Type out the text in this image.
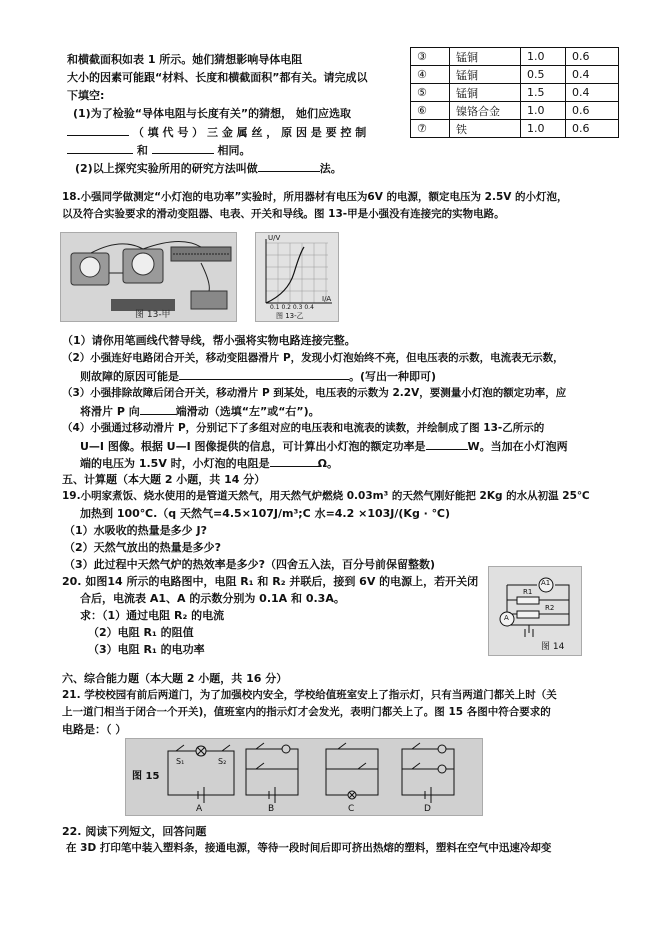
和横截面积如表 1 所示。她们猜想影响导体电阻
大小的因素可能跟“材料、长度和横截面积”都有关。请完成以
下填空:
(1)为了检验“导体电阻与长度有关”的猜想， 她们应选取
（ 填 代 号 ） 三 金 属 丝 ， 原 因 是 要 控 制
和	相同。
(2)以上探究实验所用的研究方法叫做	法。
③	锰铜	1.0	0.6
④	锰铜	0.5	0.4
⑤	锰铜	1.5	0.4
⑥	镍铬合金	1.0	0.6
⑦	铁	1.0	0.6
18.小强同学做测定“小灯泡的电功率”实验时，所用器材有电压为6V 的电源，额定电压为 2.5V 的小灯泡，
以及符合实验要求的滑动变阻器、电表、开关和导线。图 13-甲是小强没有连接完的实物电路。
图 13-甲
U/V
I/A
0.1 0.2 0.3 0.4
图 13-乙
（1）请你用笔画线代替导线，帮小强将实物电路连接完整。
（2）小强连好电路闭合开关，移动变阻器滑片 P，发现小灯泡始终不亮，但电压表的示数，电流表无示数，
则故障的原因可能是	。(写出一种即可)
（3）小强排除故障后闭合开关，移动滑片 P 到某处，电压表的示数为 2.2V，要测量小灯泡的额定功率，应
将滑片 P 向	端滑动（选填“左”或“右”)。
（4）小强通过移动滑片 P，分别记下了多组对应的电压表和电流表的读数，并绘制成了图 13-乙所示的
U—I 图像。根据 U—I 图像提供的信息，可计算出小灯泡的额定功率是	W。当加在小灯泡两
端的电压为 1.5V 时，小灯泡的电阻是	Ω。
五、计算题（本大题 2 小题，共 14 分）
19.小明家煮饭、烧水使用的是管道天然气，用天然气炉燃烧 0.03m³ 的天然气刚好能把 2Kg 的水从初温 25℃
加热到 100℃.（q 天然气=4.5×107J/m³;C 水=4.2 ×103J/(Kg · ℃)
（1）水吸收的热量是多少 J?
（2）天然气放出的热量是多少?
（3）此过程中天然气炉的热效率是多少?（四舍五入法，百分号前保留整数)
20. 如图14 所示的电路图中，电阻 R₁ 和 R₂ 并联后，接到 6V 的电源上，若开关闭
合后，电流表 A1、A 的示数分别为 0.1A 和 0.3A。
求：（1）通过电阻 R₂ 的电流
（2）电阻 R₁ 的阻值
（3）电阻 R₁ 的电功率
A1
A
R1
R2
图 14
六、综合能力题（本大题 2 小题，共 16 分）
21. 学校校园有前后两道门，为了加强校内安全，学校给值班室安上了指示灯，只有当两道门都关上时（关
上一道门相当于闭合一个开关)，值班室内的指示灯才会发光，表明门都关上了。图 15 各图中符合要求的
电路是：（ ）
图 15
S₁	S₂
A	B	C	D
22. 阅读下列短文，回答问题
在 3D 打印笔中装入塑料条，接通电源，等待一段时间后即可挤出热熔的塑料，塑料在空气中迅速冷却变
